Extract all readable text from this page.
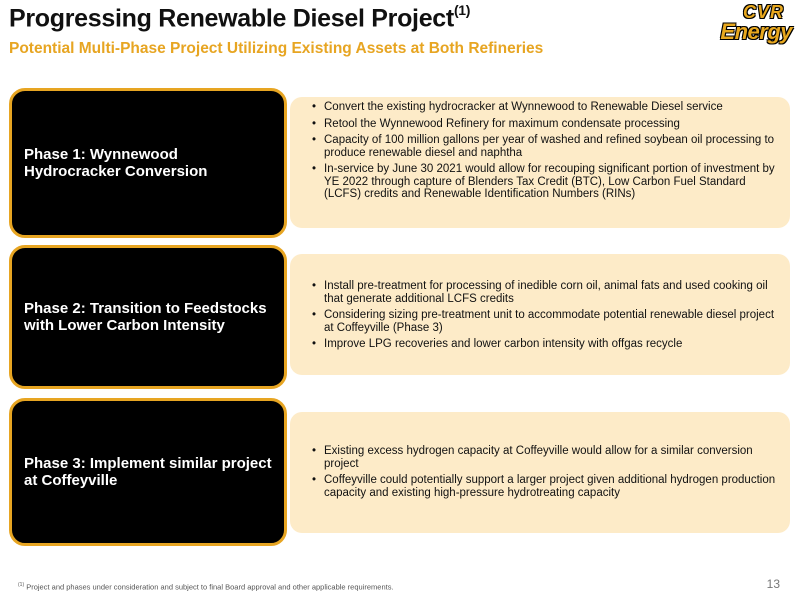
Progressing Renewable Diesel Project$^{(1)}$
Potential Multi-Phase Project Utilizing Existing Assets at Both Refineries
CVR
Energy
Phase 1: Wynnewood Hydrocracker Conversion
• Convert the existing hydrocracker at Wynnewood to Renewable Diesel service
• Retool the Wynnewood Refinery for maximum condensate processing
• Capacity of 100 million gallons per year of washed and refined soybean oil processing to produce renewable diesel and naphtha
• In-service by June 30 2021 would allow for recouping significant portion of investment by YE 2022 through capture of Blenders Tax Credit (BTC), Low Carbon Fuel Standard (LCFS) credits and Renewable Identification Numbers (RINs)
Phase 2: Transition to Feedstocks with Lower Carbon Intensity
• Install pre-treatment for processing of inedible corn oil, animal fats and used cooking oil that generate additional LCFS credits
• Considering sizing pre-treatment unit to accommodate potential renewable diesel project at Coffeyville (Phase 3)
• Improve LPG recoveries and lower carbon intensity with offgas recycle
Phase 3: Implement similar project at Coffeyville
• Existing excess hydrogen capacity at Coffeyville would allow for a similar conversion project
• Coffeyville could potentially support a larger project given additional hydrogen production capacity and existing high-pressure hydrotreating capacity
$^{(1)}$ Project and phases under consideration and subject to final Board approval and other applicable requirements.	13
